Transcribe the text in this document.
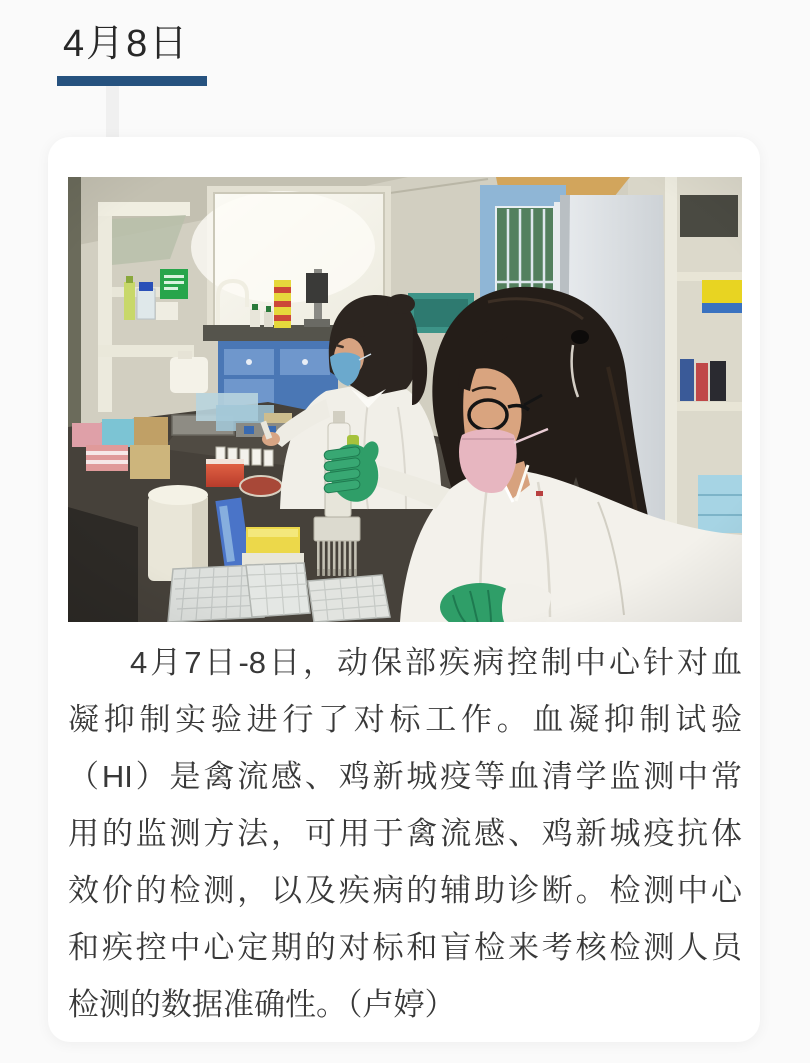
4月8日
4月7日-8日，动保部疾病控制中心针对血
凝抑制实验进行了对标工作。血凝抑制试验
（HI）是禽流感、鸡新城疫等血清学监测中常
用的监测方法，可用于禽流感、鸡新城疫抗体
效价的检测，以及疾病的辅助诊断。检测中心
和疾控中心定期的对标和盲检来考核检测人员
检测的数据准确性。（卢婷）
